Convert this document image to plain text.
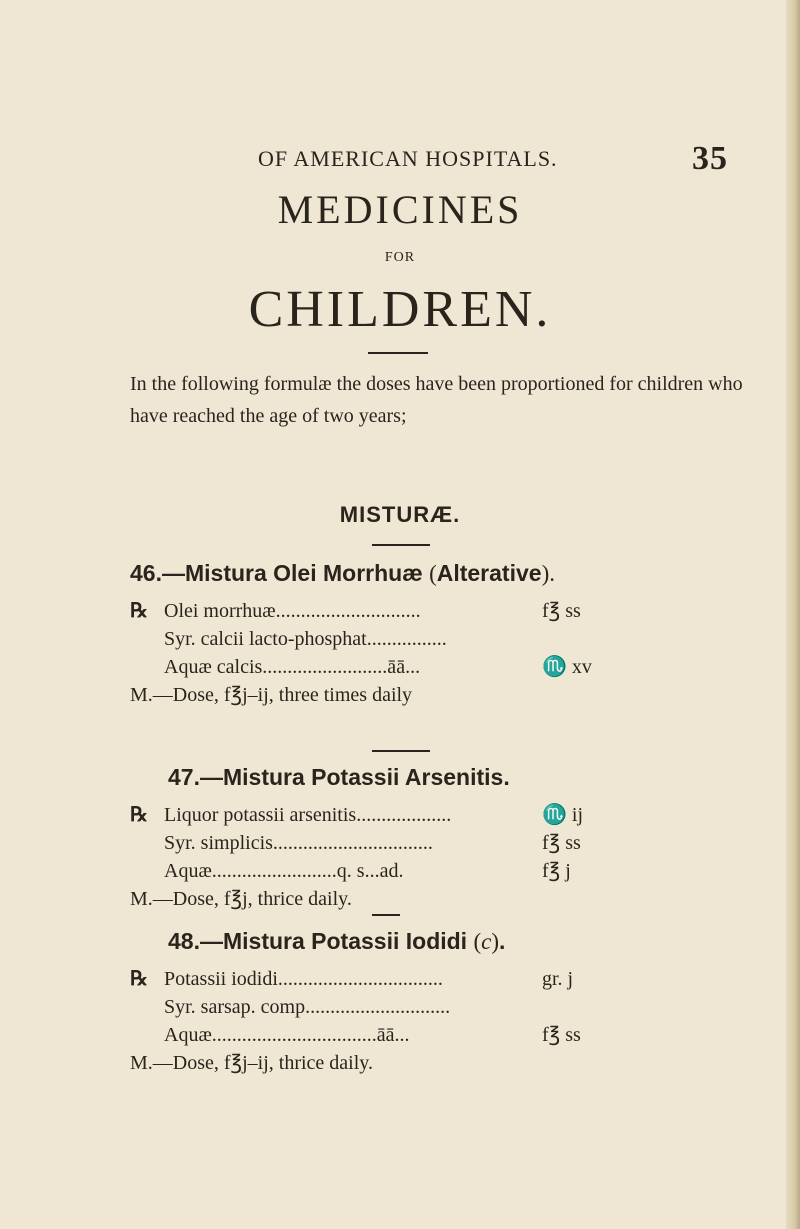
OF AMERICAN HOSPITALS.	35
MEDICINES
FOR
CHILDREN.
In the following formulæ the doses have been proportioned for children who have reached the age of two years;
MISTURÆ.
46.—Mistura Olei Morrhuæ (Alterative).
℞ Olei morrhuæ.............................	f℥ ss
Syr. calcii lacto-phosphat................
Aquæ calcis.........................āā...	♏ xv
M.—Dose, f℥j–ij, three times daily
47.—Mistura Potassii Arsenitis.
℞ Liquor potassii arsenitis...................	♏ ij
Syr. simplicis................................	f℥ ss
Aquæ.........................q. s...ad.	f℥ j
M.—Dose, f℥j, thrice daily.
48.—Mistura Potassii Iodidi (c).
℞ Potassii iodidi.................................	gr. j
Syr. sarsap. comp.............................
Aquæ.................................āā...	f℥ ss
M.—Dose, f℥j–ij, thrice daily.
